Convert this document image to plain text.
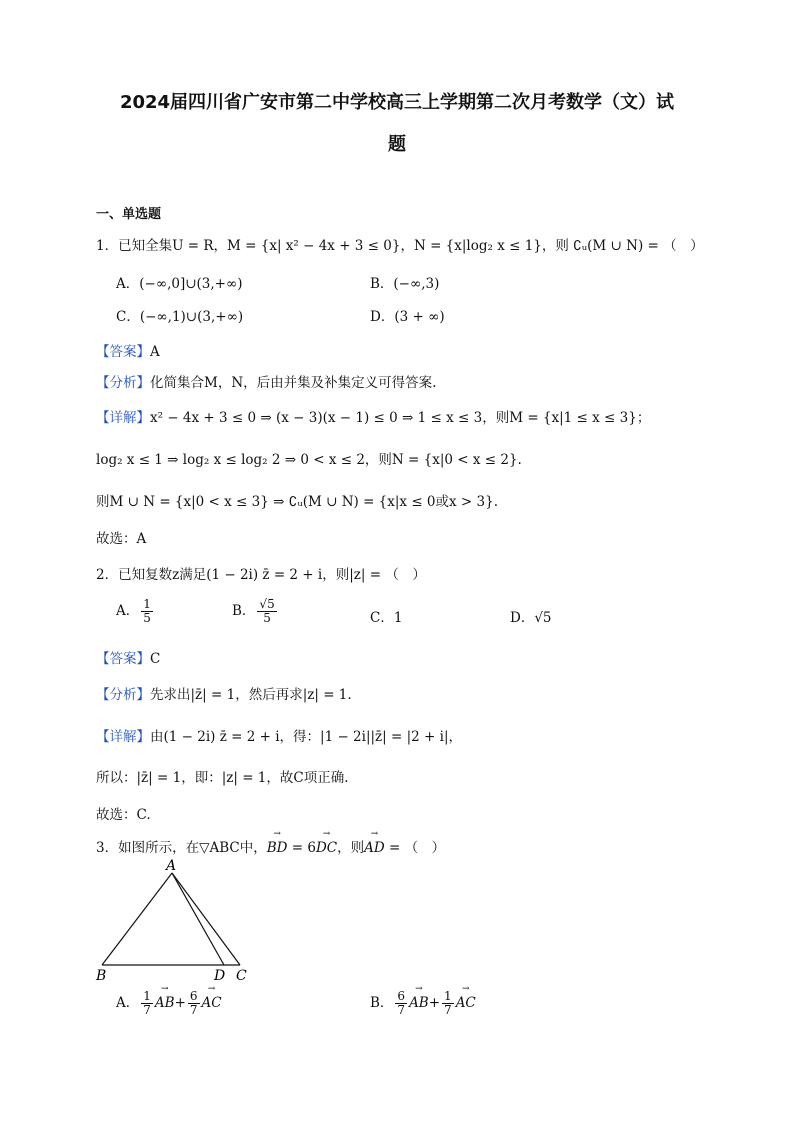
2024届四川省广安市第二中学校高三上学期第二次月考数学（文）试
题
一、单选题
1．已知全集U = R，M = {x| x² − 4x + 3 ≤ 0}，N = {x|log₂ x ≤ 1}，则 ∁ᵤ(M ∪ N) = （　）
A．(−∞,0]∪(3,+∞)	B．(−∞,3)
C．(−∞,1)∪(3,+∞)	D．(3 + ∞)
【答案】A
【分析】化简集合M，N，后由并集及补集定义可得答案.
【详解】x² − 4x + 3 ≤ 0 ⇒ (x − 3)(x − 1) ≤ 0 ⇒ 1 ≤ x ≤ 3，则M = {x|1 ≤ x ≤ 3}；
log₂ x ≤ 1 ⇒ log₂ x ≤ log₂ 2 ⇒ 0 < x ≤ 2，则N = {x|0 < x ≤ 2}.
则M ∪ N = {x|0 < x ≤ 3} ⇒ ∁ᵤ(M ∪ N) = {x|x ≤ 0或x > 3}.
故选：A
2．已知复数z满足(1 − 2i) z̄ = 2 + i，则|z| = （　）
A． $\frac{1}{5}$	B． $\frac{√5}{5}$	C．1	D．√5
【答案】C
【分析】先求出|z̄| = 1，然后再求|z| = 1.
【详解】由(1 − 2i) z̄ = 2 + i，得：|1 − 2i||z̄| = |2 + i|，
所以：|z̄| = 1，即：|z| = 1，故C项正确.
故选：C.
3．如图所示，在▽ABC中，→ BD = 6→ DC，则→ AD = （　）
A
B	D C
A． $\frac{1}{7}$
→ $AB+ \frac{6}{7}$
→ AC	B． $\frac{6}{7}$
→ $AB+ \frac{1}{7}$
→ AC
